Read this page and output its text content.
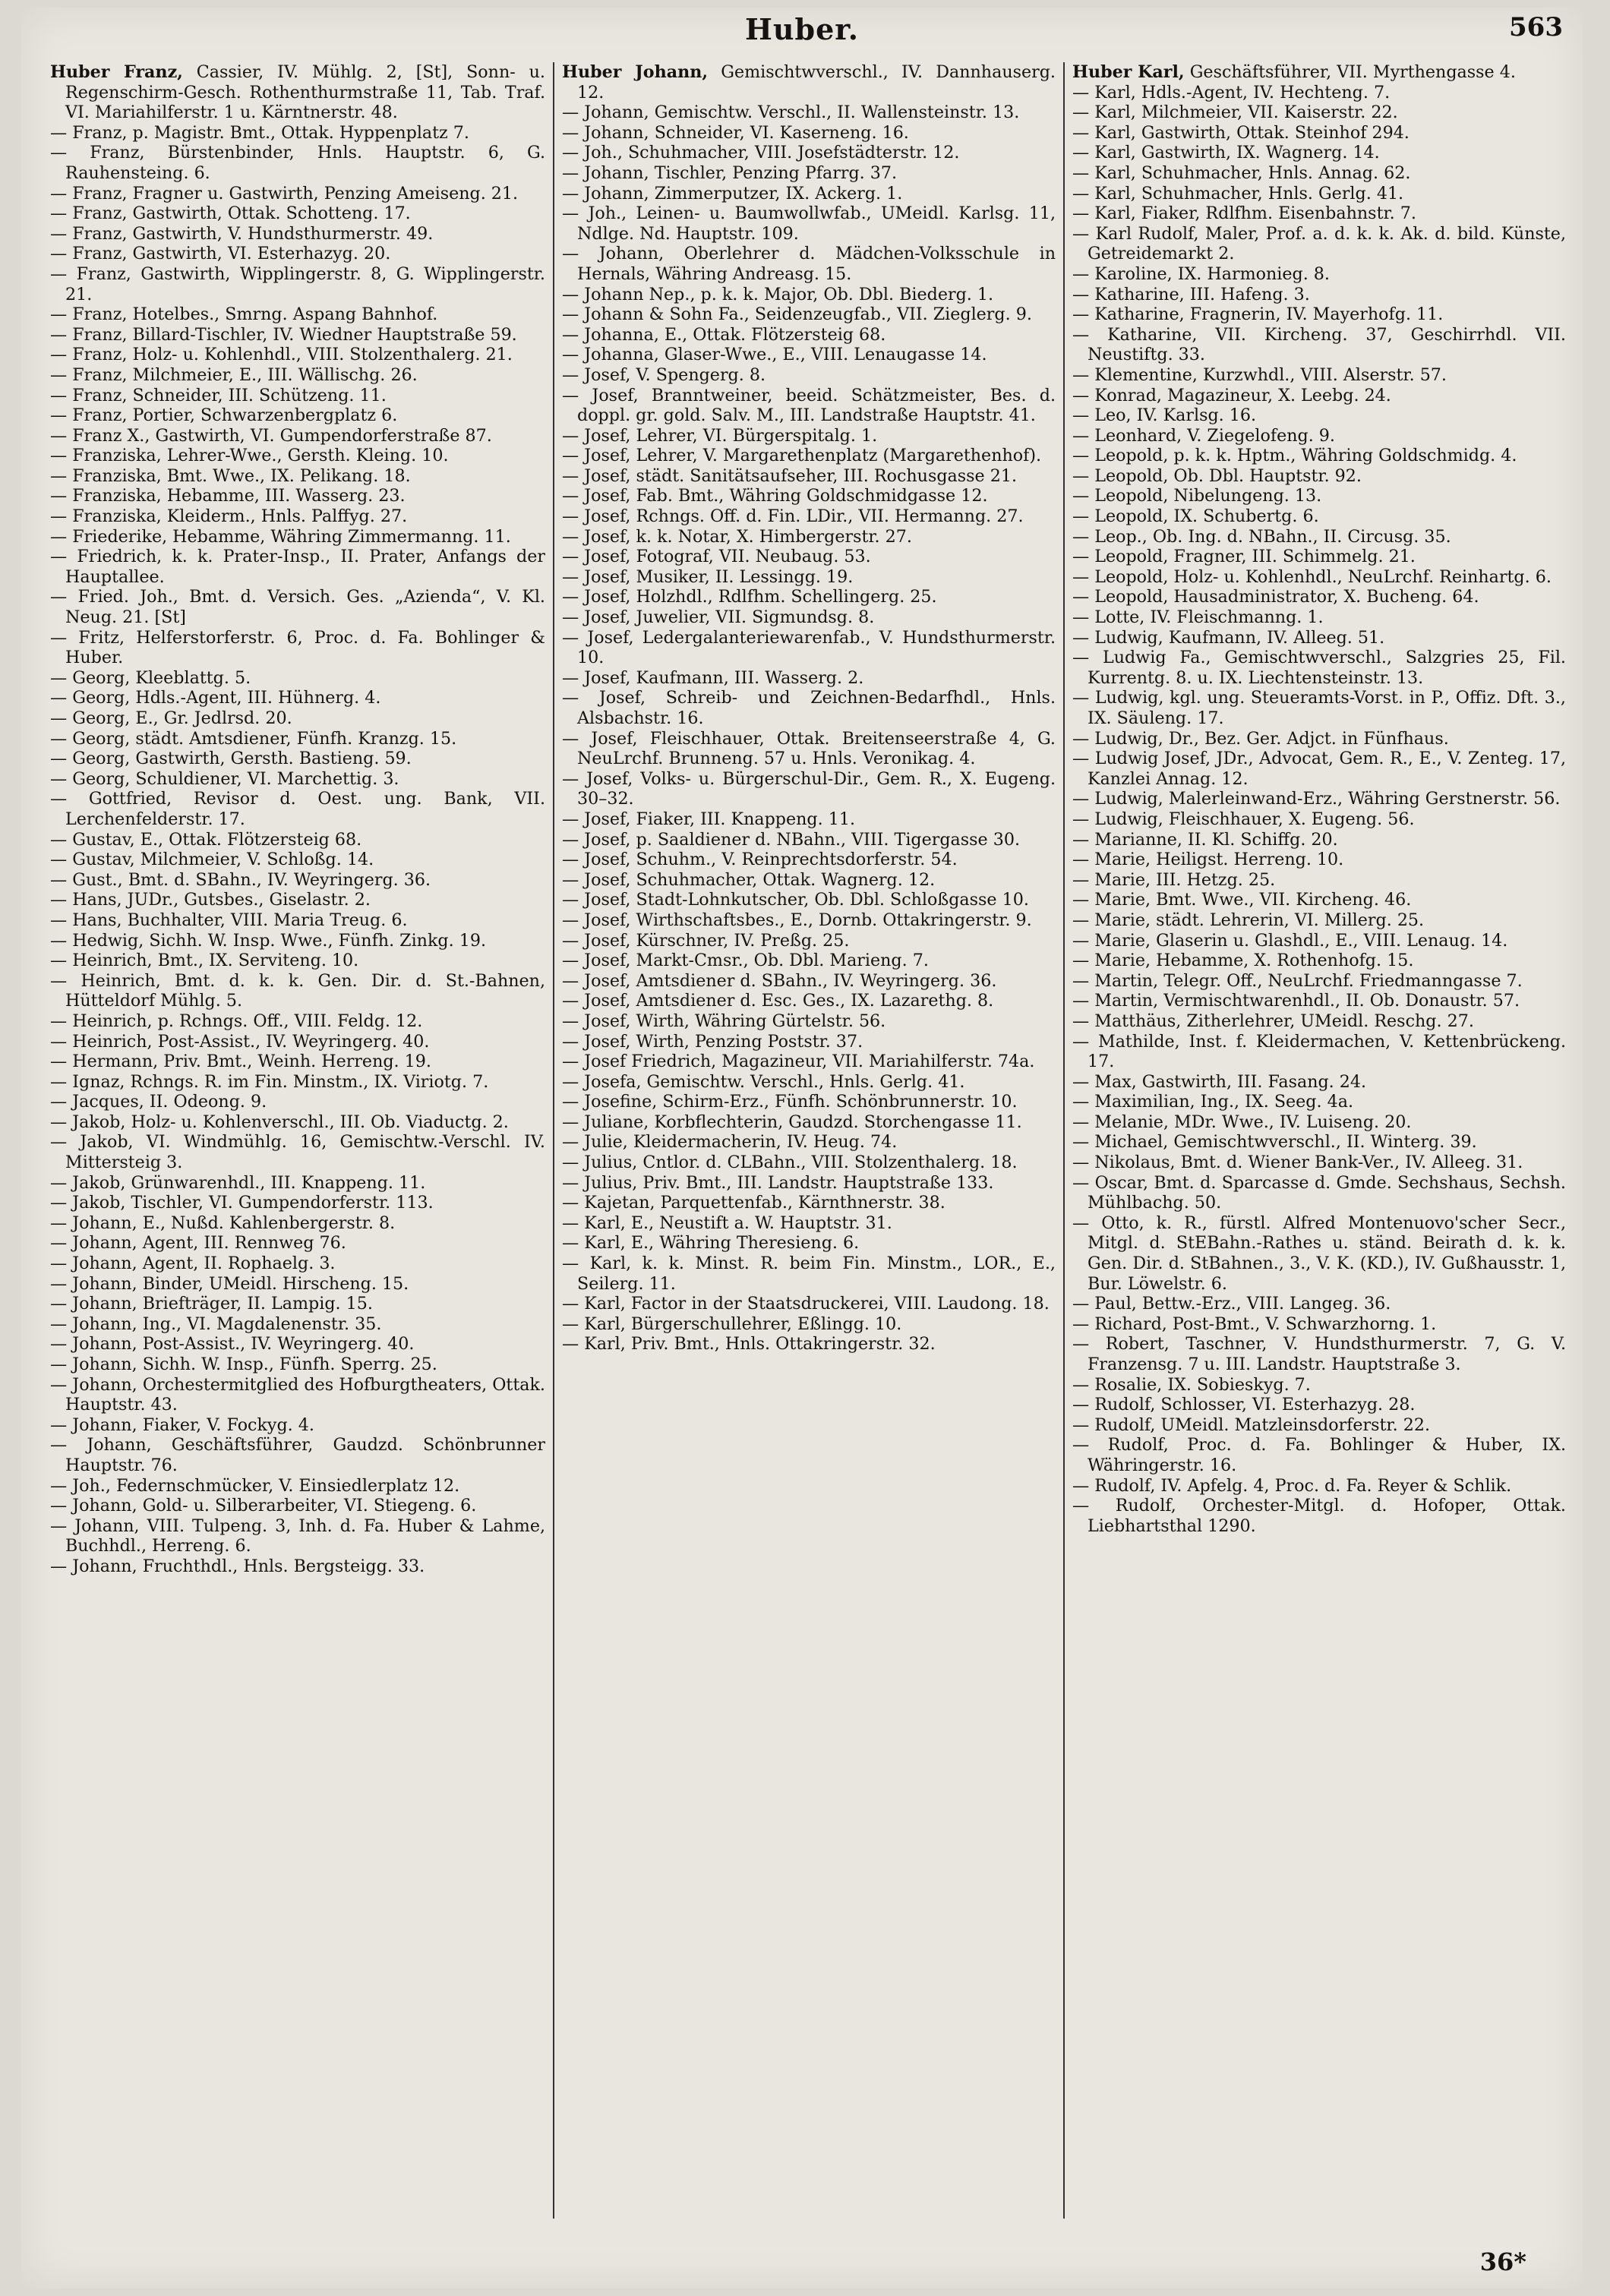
Huber.	563
Huber Franz, Cassier, IV. Mühlg. 2, [St], Sonn- u. Regenschirm-Gesch. Rothenthurmstraße 11, Tab. Traf. VI. Mariahilferstr. 1 u. Kärntnerstr. 48.
— Franz, p. Magistr. Bmt., Ottak. Hyppenplatz 7.
— Franz, Bürstenbinder, Hnls. Hauptstr. 6, G. Rauhensteing. 6.
— Franz, Fragner u. Gastwirth, Penzing Ameiseng. 21.
— Franz, Gastwirth, Ottak. Schotteng. 17.
— Franz, Gastwirth, V. Hundsthurmerstr. 49.
— Franz, Gastwirth, VI. Esterhazyg. 20.
— Franz, Gastwirth, Wipplingerstr. 8, G. Wipplingerstr. 21.
— Franz, Hotelbes., Smrng. Aspang Bahnhof.
— Franz, Billard-Tischler, IV. Wiedner Hauptstraße 59.
— Franz, Holz- u. Kohlenhdl., VIII. Stolzenthalerg. 21.
— Franz, Milchmeier, E., III. Wällischg. 26.
— Franz, Schneider, III. Schützeng. 11.
— Franz, Portier, Schwarzenbergplatz 6.
— Franz X., Gastwirth, VI. Gumpendorferstraße 87.
— Franziska, Lehrer-Wwe., Gersth. Kleing. 10.
— Franziska, Bmt. Wwe., IX. Pelikang. 18.
— Franziska, Hebamme, III. Wasserg. 23.
— Franziska, Kleiderm., Hnls. Palffyg. 27.
— Friederike, Hebamme, Währing Zimmermanng. 11.
— Friedrich, k. k. Prater-Insp., II. Prater, Anfangs der Hauptallee.
— Fried. Joh., Bmt. d. Versich. Ges. „Azienda“, V. Kl. Neug. 21. [St]
— Fritz, Helferstorferstr. 6, Proc. d. Fa. Bohlinger & Huber.
— Georg, Kleeblattg. 5.
— Georg, Hdls.-Agent, III. Hühnerg. 4.
— Georg, E., Gr. Jedlrsd. 20.
— Georg, städt. Amtsdiener, Fünfh. Kranzg. 15.
— Georg, Gastwirth, Gersth. Bastieng. 59.
— Georg, Schuldiener, VI. Marchettig. 3.
— Gottfried, Revisor d. Oest. ung. Bank, VII. Lerchenfelderstr. 17.
— Gustav, E., Ottak. Flötzersteig 68.
— Gustav, Milchmeier, V. Schloßg. 14.
— Gust., Bmt. d. SBahn., IV. Weyringerg. 36.
— Hans, JUDr., Gutsbes., Giselastr. 2.
— Hans, Buchhalter, VIII. Maria Treug. 6.
— Hedwig, Sichh. W. Insp. Wwe., Fünfh. Zinkg. 19.
— Heinrich, Bmt., IX. Serviteng. 10.
— Heinrich, Bmt. d. k. k. Gen. Dir. d. St.-Bahnen, Hütteldorf Mühlg. 5.
— Heinrich, p. Rchngs. Off., VIII. Feldg. 12.
— Heinrich, Post-Assist., IV. Weyringerg. 40.
— Hermann, Priv. Bmt., Weinh. Herreng. 19.
— Ignaz, Rchngs. R. im Fin. Minstm., IX. Viriotg. 7.
— Jacques, II. Odeong. 9.
— Jakob, Holz- u. Kohlenverschl., III. Ob. Viaductg. 2.
— Jakob, VI. Windmühlg. 16, Gemischtw.-Verschl. IV. Mittersteig 3.
— Jakob, Grünwarenhdl., III. Knappeng. 11.
— Jakob, Tischler, VI. Gumpendorferstr. 113.
— Johann, E., Nußd. Kahlenbergerstr. 8.
— Johann, Agent, III. Rennweg 76.
— Johann, Agent, II. Rophaelg. 3.
— Johann, Binder, UMeidl. Hirscheng. 15.
— Johann, Briefträger, II. Lampig. 15.
— Johann, Ing., VI. Magdalenenstr. 35.
— Johann, Post-Assist., IV. Weyringerg. 40.
— Johann, Sichh. W. Insp., Fünfh. Sperrg. 25.
— Johann, Orchestermitglied des Hofburgtheaters, Ottak. Hauptstr. 43.
— Johann, Fiaker, V. Fockyg. 4.
— Johann, Geschäftsführer, Gaudzd. Schönbrunner Hauptstr. 76.
— Joh., Federnschmücker, V. Einsiedlerplatz 12.
— Johann, Gold- u. Silberarbeiter, VI. Stiegeng. 6.
— Johann, VIII. Tulpeng. 3, Inh. d. Fa. Huber & Lahme, Buchhdl., Herreng. 6.
— Johann, Fruchthdl., Hnls. Bergsteigg. 33.
Huber Johann, Gemischtwverschl., IV. Dannhauserg. 12.
— Johann, Gemischtw. Verschl., II. Wallensteinstr. 13.
— Johann, Schneider, VI. Kaserneng. 16.
— Joh., Schuhmacher, VIII. Josefstädterstr. 12.
— Johann, Tischler, Penzing Pfarrg. 37.
— Johann, Zimmerputzer, IX. Ackerg. 1.
— Joh., Leinen- u. Baumwollwfab., UMeidl. Karlsg. 11, Ndlge. Nd. Hauptstr. 109.
— Johann, Oberlehrer d. Mädchen-Volksschule in Hernals, Währing Andreasg. 15.
— Johann Nep., p. k. k. Major, Ob. Dbl. Biederg. 1.
— Johann & Sohn Fa., Seidenzeugfab., VII. Zieglerg. 9.
— Johanna, E., Ottak. Flötzersteig 68.
— Johanna, Glaser-Wwe., E., VIII. Lenaugasse 14.
— Josef, V. Spengerg. 8.
— Josef, Branntweiner, beeid. Schätzmeister, Bes. d. doppl. gr. gold. Salv. M., III. Landstraße Hauptstr. 41.
— Josef, Lehrer, VI. Bürgerspitalg. 1.
— Josef, Lehrer, V. Margarethenplatz (Margarethenhof).
— Josef, städt. Sanitätsaufseher, III. Rochusgasse 21.
— Josef, Fab. Bmt., Währing Goldschmidgasse 12.
— Josef, Rchngs. Off. d. Fin. LDir., VII. Hermanng. 27.
— Josef, k. k. Notar, X. Himbergerstr. 27.
— Josef, Fotograf, VII. Neubaug. 53.
— Josef, Musiker, II. Lessingg. 19.
— Josef, Holzhdl., Rdlfhm. Schellingerg. 25.
— Josef, Juwelier, VII. Sigmundsg. 8.
— Josef, Ledergalanteriewarenfab., V. Hundsthurmerstr. 10.
— Josef, Kaufmann, III. Wasserg. 2.
— Josef, Schreib- und Zeichnen-Bedarfhdl., Hnls. Alsbachstr. 16.
— Josef, Fleischhauer, Ottak. Breitenseerstraße 4, G. NeuLrchf. Brunneng. 57 u. Hnls. Veronikag. 4.
— Josef, Volks- u. Bürgerschul-Dir., Gem. R., X. Eugeng. 30–32.
— Josef, Fiaker, III. Knappeng. 11.
— Josef, p. Saaldiener d. NBahn., VIII. Tigergasse 30.
— Josef, Schuhm., V. Reinprechtsdorferstr. 54.
— Josef, Schuhmacher, Ottak. Wagnerg. 12.
— Josef, Stadt-Lohnkutscher, Ob. Dbl. Schloßgasse 10.
— Josef, Wirthschaftsbes., E., Dornb. Ottakringerstr. 9.
— Josef, Kürschner, IV. Preßg. 25.
— Josef, Markt-Cmsr., Ob. Dbl. Marieng. 7.
— Josef, Amtsdiener d. SBahn., IV. Weyringerg. 36.
— Josef, Amtsdiener d. Esc. Ges., IX. Lazarethg. 8.
— Josef, Wirth, Währing Gürtelstr. 56.
— Josef, Wirth, Penzing Poststr. 37.
— Josef Friedrich, Magazineur, VII. Mariahilferstr. 74a.
— Josefa, Gemischtw. Verschl., Hnls. Gerlg. 41.
— Josefine, Schirm-Erz., Fünfh. Schönbrunnerstr. 10.
— Juliane, Korbflechterin, Gaudzd. Storchengasse 11.
— Julie, Kleidermacherin, IV. Heug. 74.
— Julius, Cntlor. d. CLBahn., VIII. Stolzenthalerg. 18.
— Julius, Priv. Bmt., III. Landstr. Hauptstraße 133.
— Kajetan, Parquettenfab., Kärnthnerstr. 38.
— Karl, E., Neustift a. W. Hauptstr. 31.
— Karl, E., Währing Theresieng. 6.
— Karl, k. k. Minst. R. beim Fin. Minstm., LOR., E., Seilerg. 11.
— Karl, Factor in der Staatsdruckerei, VIII. Laudong. 18.
— Karl, Bürgerschullehrer, Eßlingg. 10.
— Karl, Priv. Bmt., Hnls. Ottakringerstr. 32.
Huber Karl, Geschäftsführer, VII. Myrthengasse 4.
— Karl, Hdls.-Agent, IV. Hechteng. 7.
— Karl, Milchmeier, VII. Kaiserstr. 22.
— Karl, Gastwirth, Ottak. Steinhof 294.
— Karl, Gastwirth, IX. Wagnerg. 14.
— Karl, Schuhmacher, Hnls. Annag. 62.
— Karl, Schuhmacher, Hnls. Gerlg. 41.
— Karl, Fiaker, Rdlfhm. Eisenbahnstr. 7.
— Karl Rudolf, Maler, Prof. a. d. k. k. Ak. d. bild. Künste, Getreidemarkt 2.
— Karoline, IX. Harmonieg. 8.
— Katharine, III. Hafeng. 3.
— Katharine, Fragnerin, IV. Mayerhofg. 11.
— Katharine, VII. Kircheng. 37, Geschirrhdl. VII. Neustiftg. 33.
— Klementine, Kurzwhdl., VIII. Alserstr. 57.
— Konrad, Magazineur, X. Leebg. 24.
— Leo, IV. Karlsg. 16.
— Leonhard, V. Ziegelofeng. 9.
— Leopold, p. k. k. Hptm., Währing Goldschmidg. 4.
— Leopold, Ob. Dbl. Hauptstr. 92.
— Leopold, Nibelungeng. 13.
— Leopold, IX. Schubertg. 6.
— Leop., Ob. Ing. d. NBahn., II. Circusg. 35.
— Leopold, Fragner, III. Schimmelg. 21.
— Leopold, Holz- u. Kohlenhdl., NeuLrchf. Reinhartg. 6.
— Leopold, Hausadministrator, X. Bucheng. 64.
— Lotte, IV. Fleischmanng. 1.
— Ludwig, Kaufmann, IV. Alleeg. 51.
— Ludwig Fa., Gemischtwverschl., Salzgries 25, Fil. Kurrentg. 8. u. IX. Liechtensteinstr. 13.
— Ludwig, kgl. ung. Steueramts-Vorst. in P., Offiz. Dft. 3., IX. Säuleng. 17.
— Ludwig, Dr., Bez. Ger. Adjct. in Fünfhaus.
— Ludwig Josef, JDr., Advocat, Gem. R., E., V. Zenteg. 17, Kanzlei Annag. 12.
— Ludwig, Malerleinwand-Erz., Währing Gerstnerstr. 56.
— Ludwig, Fleischhauer, X. Eugeng. 56.
— Marianne, II. Kl. Schiffg. 20.
— Marie, Heiligst. Herreng. 10.
— Marie, III. Hetzg. 25.
— Marie, Bmt. Wwe., VII. Kircheng. 46.
— Marie, städt. Lehrerin, VI. Millerg. 25.
— Marie, Glaserin u. Glashdl., E., VIII. Lenaug. 14.
— Marie, Hebamme, X. Rothenhofg. 15.
— Martin, Telegr. Off., NeuLrchf. Friedmanngasse 7.
— Martin, Vermischtwarenhdl., II. Ob. Donaustr. 57.
— Matthäus, Zitherlehrer, UMeidl. Reschg. 27.
— Mathilde, Inst. f. Kleidermachen, V. Kettenbrückeng. 17.
— Max, Gastwirth, III. Fasang. 24.
— Maximilian, Ing., IX. Seeg. 4a.
— Melanie, MDr. Wwe., IV. Luiseng. 20.
— Michael, Gemischtwverschl., II. Winterg. 39.
— Nikolaus, Bmt. d. Wiener Bank-Ver., IV. Alleeg. 31.
— Oscar, Bmt. d. Sparcasse d. Gmde. Sechshaus, Sechsh. Mühlbachg. 50.
— Otto, k. R., fürstl. Alfred Montenuovo'scher Secr., Mitgl. d. StEBahn.-Rathes u. ständ. Beirath d. k. k. Gen. Dir. d. StBahnen., 3., V. K. (KD.), IV. Gußhausstr. 1, Bur. Löwelstr. 6.
— Paul, Bettw.-Erz., VIII. Langeg. 36.
— Richard, Post-Bmt., V. Schwarzhorng. 1.
— Robert, Taschner, V. Hundsthurmerstr. 7, G. V. Franzensg. 7 u. III. Landstr. Hauptstraße 3.
— Rosalie, IX. Sobieskyg. 7.
— Rudolf, Schlosser, VI. Esterhazyg. 28.
— Rudolf, UMeidl. Matzleinsdorferstr. 22.
— Rudolf, Proc. d. Fa. Bohlinger & Huber, IX. Währingerstr. 16.
— Rudolf, IV. Apfelg. 4, Proc. d. Fa. Reyer & Schlik.
— Rudolf, Orchester-Mitgl. d. Hofoper, Ottak. Liebhartsthal 1290.
36*
